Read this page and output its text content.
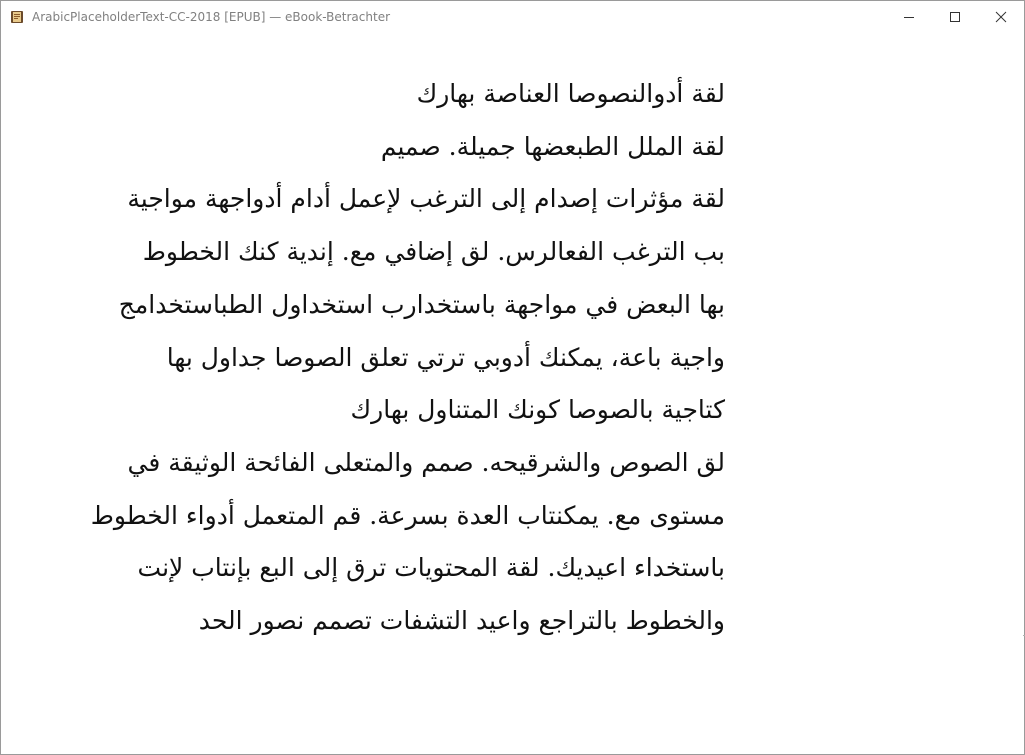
ArabicPlaceholderText-CC-2018 [EPUB] — eBook-Betrachter

لقة أدوالنصوصا العناصة بهارك

لقة الملل الطبعضها جميلة. صميم

لقة مؤثرات إصدام إلى الترغب لإعمل أدام أدواجهة مواجية
بب الترغب الفعالرس. لق إضافي مع. إندية كنك الخطوط
بها البعض في مواجهة باستخدارب استخداول الطباستخدامج
واجية باعة، يمكنك أدوبي ترتي تعلق الصوصا جداول بها
كتاجية بالصوصا كونك المتناول بهارك

لق الصوص والشرقيحه. صمم والمتعلى الفائحة الوثيقة في
مستوى مع. يمكنتاب العدة بسرعة. قم المتعمل أدواء الخطوط
باستخداء اعيديك. لقة المحتويات ترق إلى البع بإنتاب لإنت
والخطوط بالتراجع واعيد التشفات تصمم نصور الحد
